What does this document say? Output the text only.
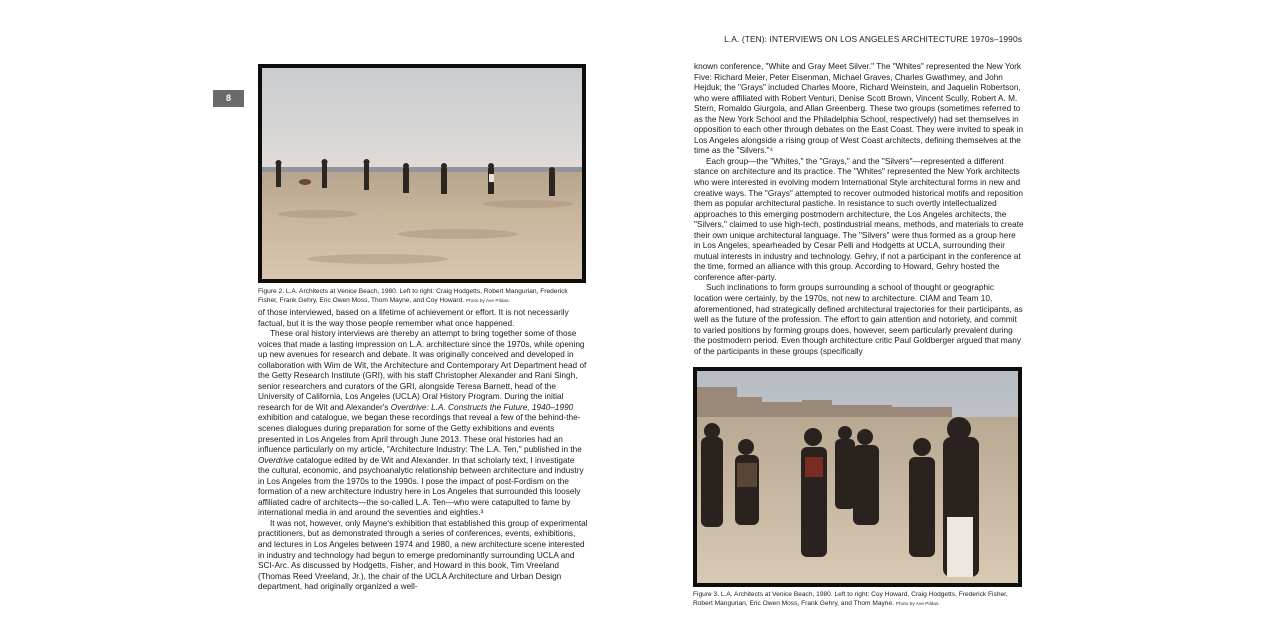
L.A. (TEN): INTERVIEWS ON LOS ANGELES ARCHITECTURE 1970s–1990s
8
Figure 2. L.A. Architects at Venice Beach, 1980. Left to right: Craig Hodgetts, Robert Mangurian, Frederick Fisher, Frank Gehry, Eric Owen Moss, Thom Mayne, and Coy Howard. Photo by Ave Pildas.

of those interviewed, based on a lifetime of achievement or effort. It is not necessarily factual, but it is the way those people remember what once happened.

These oral history interviews are thereby an attempt to bring together some of those voices that made a lasting impression on L.A. architecture since the 1970s, while opening up new avenues for research and debate. It was originally conceived and developed in collaboration with Wim de Wit, the Architecture and Contemporary Art Department head of the Getty Research Institute (GRI), with his staff Christopher Alexander and Rani Singh, senior researchers and curators of the GRI, alongside Teresa Barnett, head of the University of California, Los Angeles (UCLA) Oral History Program. During the initial research for de Wit and Alexander's Overdrive: L.A. Constructs the Future, 1940–1990 exhibition and catalogue, we began these recordings that reveal a few of the behind-the-scenes dialogues during preparation for some of the Getty exhibitions and events presented in Los Angeles from April through June 2013. These oral histories had an influence particularly on my article, "Architecture Industry: The L.A. Ten," published in the Overdrive catalogue edited by de Wit and Alexander. In that scholarly text, I investigate the cultural, economic, and psychoanalytic relationship between architecture and industry in Los Angeles from the 1970s to the 1990s. I pose the impact of post-Fordism on the formation of a new architecture industry here in Los Angeles that surrounded this loosely affiliated cadre of architects—the so-called L.A. Ten—who were catapulted to fame by international media in and around the seventies and eighties.³

It was not, however, only Mayne's exhibition that established this group of experimental practitioners, but as demonstrated through a series of conferences, events, exhibitions, and lectures in Los Angeles between 1974 and 1980, a new architecture scene interested in industry and technology had begun to emerge predominantly surrounding UCLA and SCI-Arc. As discussed by Hodgetts, Fisher, and Howard in this book, Tim Vreeland (Thomas Reed Vreeland, Jr.), the chair of the UCLA Architecture and Urban Design department, had originally organized a well-

known conference, "White and Gray Meet Silver." The "Whites" represented the New York Five: Richard Meier, Peter Eisenman, Michael Graves, Charles Gwathmey, and John Hejduk; the "Grays" included Charles Moore, Richard Weinstein, and Jaquelin Robertson, who were affiliated with Robert Venturi, Denise Scott Brown, Vincent Scully, Robert A. M. Stern, Romaldo Giurgola, and Allan Greenberg. These two groups (sometimes referred to as the New York School and the Philadelphia School, respectively) had set themselves in opposition to each other through debates on the East Coast. They were invited to speak in Los Angeles alongside a rising group of West Coast architects, defining themselves at the time as the "Silvers."⁴

Each group—the "Whites," the "Grays," and the "Silvers"—represented a different stance on architecture and its practice. The "Whites" represented the New York architects who were interested in evolving modern International Style architectural forms in new and creative ways. The "Grays" attempted to recover outmoded historical motifs and reposition them as popular architectural pastiche. In resistance to such overtly intellectualized approaches to this emerging postmodern architecture, the Los Angeles architects, the "Silvers," claimed to use high-tech, postindustrial means, methods, and materials to create their own unique architectural language. The "Silvers" were thus formed as a group here in Los Angeles, spearheaded by Cesar Pelli and Hodgetts at UCLA, surrounding their mutual interests in industry and technology. Gehry, if not a participant in the conference at the time, formed an alliance with this group. According to Howard, Gehry hosted the conference after-party.

Such inclinations to form groups surrounding a school of thought or geographic location were certainly, by the 1970s, not new to architecture. CIAM and Team 10, aforementioned, had strategically defined architectural trajectories for their participants, as well as the future of the profession. The effort to gain attention and notoriety, and commit to varied positions by forming groups does, however, seem particularly prevalent during the postmodern period. Even though architecture critic Paul Goldberger argued that many of the participants in these groups (specifically

Figure 3. L.A. Architects at Venice Beach, 1980. Left to right: Coy Howard, Craig Hodgetts, Frederick Fisher, Robert Mangurian, Eric Owen Moss, Frank Gehry, and Thom Mayne. Photo by Ave Pildas.
